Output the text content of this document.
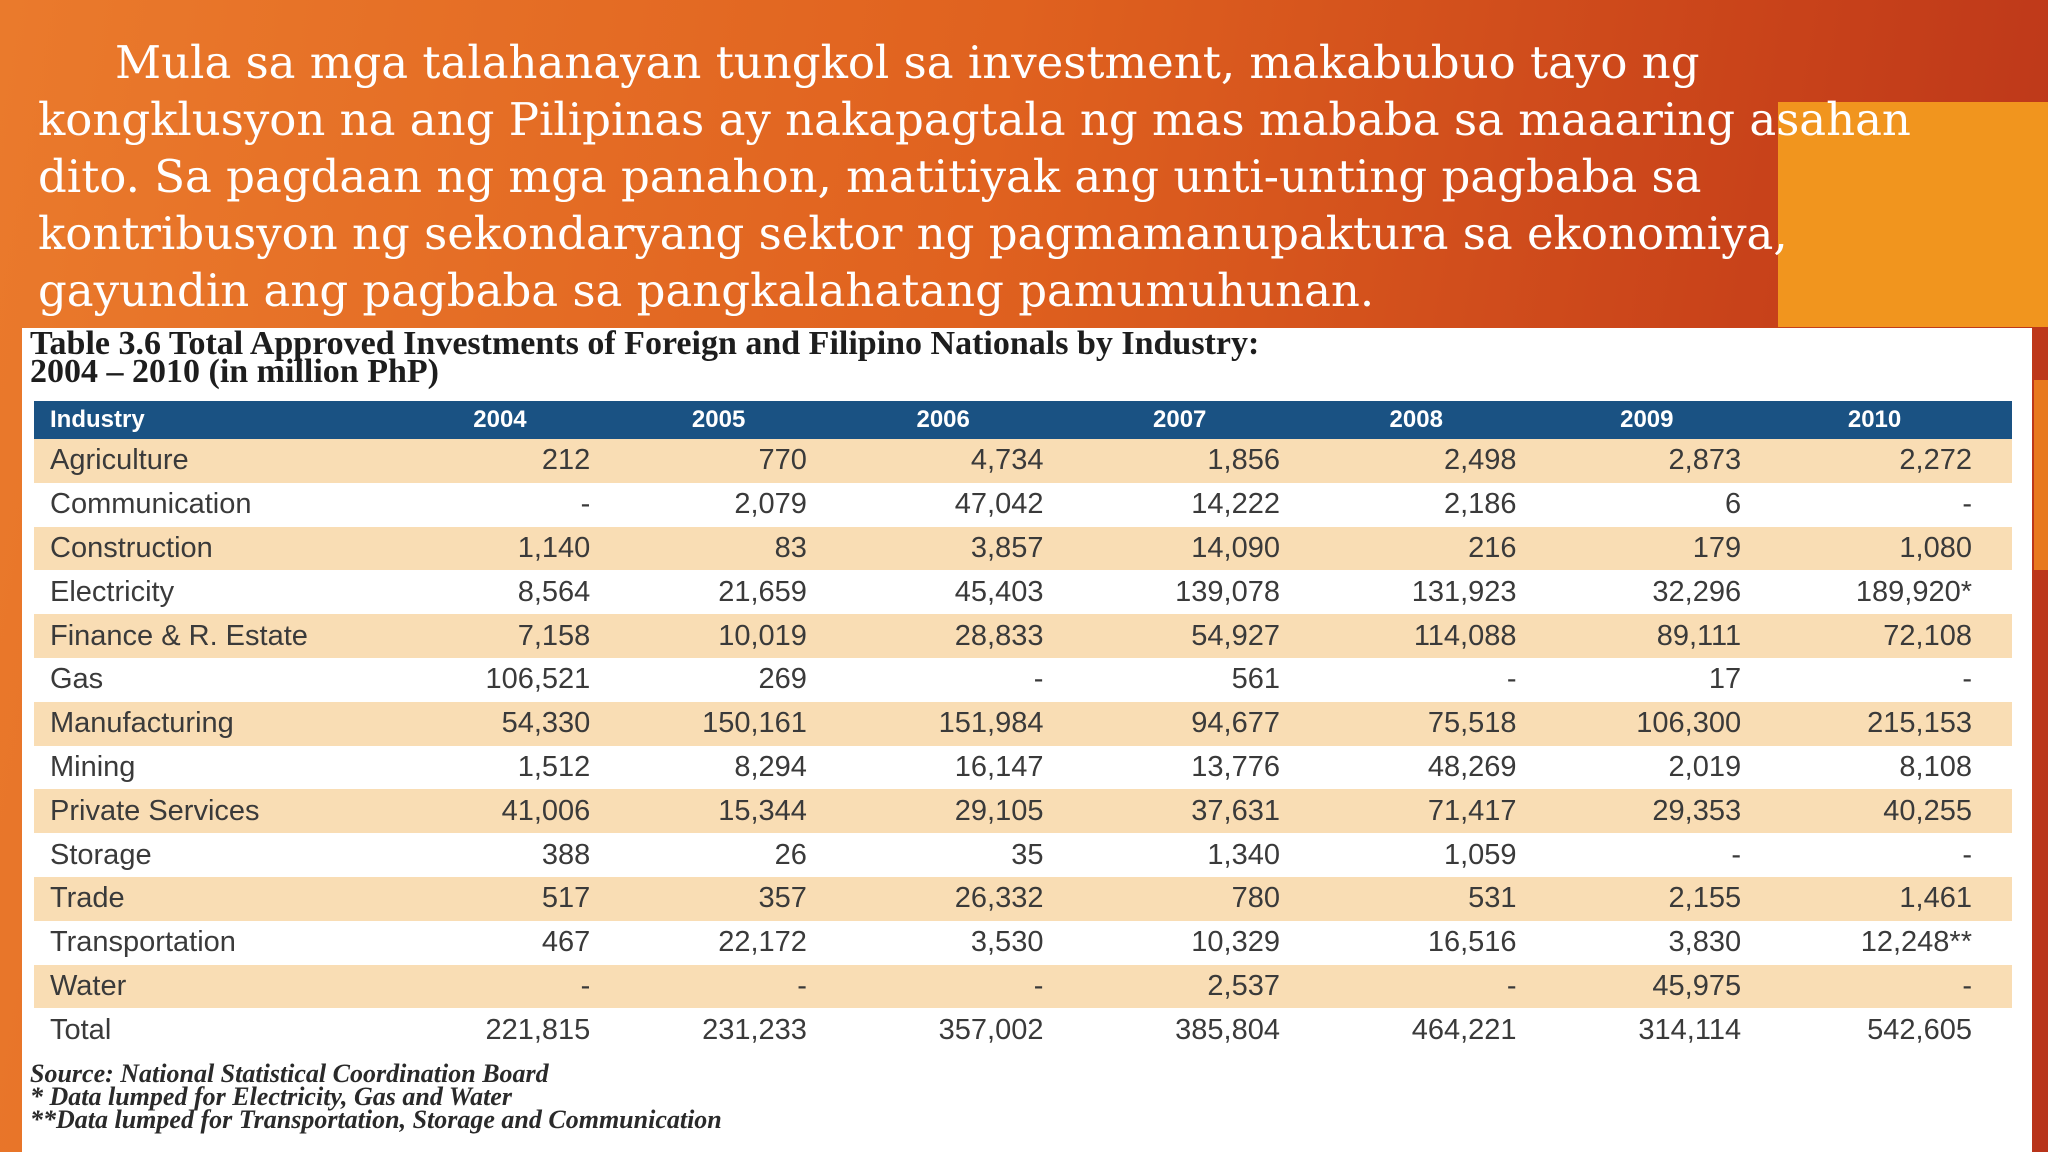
Mula sa mga talahanayan tungkol sa investment, makabubuo tayo ng kongklusyon na ang Pilipinas ay nakapagtala ng mas mababa sa maaaring asahan dito. Sa pagdaan ng mga panahon, matitiyak ang unti-unting pagbaba sa kontribusyon ng sekondaryang sektor ng pagmamanupaktura sa ekonomiya, gayundin ang pagbaba sa pangkalahatang pamumuhunan.

Table 3.6 Total Approved Investments of Foreign and Filipino Nationals by Industry:
2004 – 2010 (in million PhP)
Industry	2004	2005	2006	2007	2008	2009	2010
Agriculture	212	770	4,734	1,856	2,498	2,873	2,272
Communication	-	2,079	47,042	14,222	2,186	6	-
Construction	1,140	83	3,857	14,090	216	179	1,080
Electricity	8,564	21,659	45,403	139,078	131,923	32,296	189,920*
Finance & R. Estate	7,158	10,019	28,833	54,927	114,088	89,111	72,108
Gas	106,521	269	-	561	-	17	-
Manufacturing	54,330	150,161	151,984	94,677	75,518	106,300	215,153
Mining	1,512	8,294	16,147	13,776	48,269	2,019	8,108
Private Services	41,006	15,344	29,105	37,631	71,417	29,353	40,255
Storage	388	26	35	1,340	1,059	-	-
Trade	517	357	26,332	780	531	2,155	1,461
Transportation	467	22,172	3,530	10,329	16,516	3,830	12,248**
Water	-	-	-	2,537	-	45,975	-
Total	221,815	231,233	357,002	385,804	464,221	314,114	542,605
Source: National Statistical Coordination Board
* Data lumped for Electricity, Gas and Water
**Data lumped for Transportation, Storage and Communication
